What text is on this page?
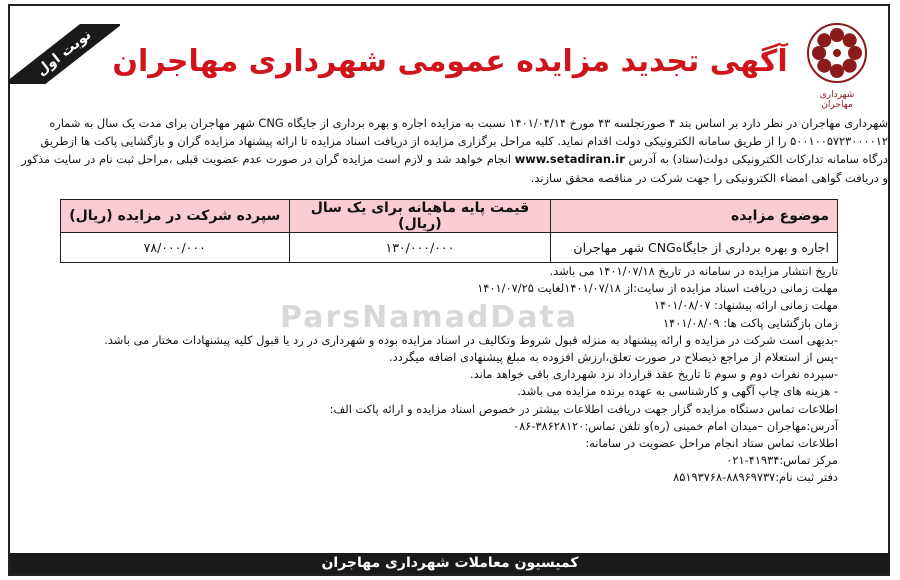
ParsNamadData
نوبت اول
شهرداری مهاجران
آگهی تجدید مزایده عمومی شهرداری مهاجران
شهرداری مهاجران در نظر دارد بر اساس بند ۴ صورتجلسه ۴۳ مورخ ۱۴۰۱/۰۴/۱۴ نسبت به مزایده اجاره و بهره برداری از جایگاه CNG شهر مهاجران برای مدت یک سال به شماره ۵۰۰۱۰۰۵۷۲۳۰۰۰۰۱۲ را از طریق سامانه الکترونیکی دولت اقدام نماید. کلیه مراحل برگزاری مزایده از دریافت اسناد مزایده تا ارائه پیشنهاد مزایده گران و بازگشایی پاکت ها ازطریق درگاه سامانه تدارکات الکترونیکی دولت(ستاد) به آدرس www.setadiran.ir انجام خواهد شد و لازم است مزایده گران در صورت عدم عضویت قبلی ،مراحل ثبت نام در سایت مذکور و دریافت گواهی امضاء الکترونیکی را جهت شرکت در مناقصه محقق سازند.
موضوع مزایده	قیمت پایه ماهیانه برای یک سال (ریال)	سپرده شرکت در مزایده (ریال)
اجاره و بهره برداری از جایگاهCNG شهر مهاجران	۱۳۰/۰۰۰/۰۰۰	۷۸/۰۰۰/۰۰۰
تاریخ انتشار مزایده در سامانه در تاریخ ۱۴۰۱/۰۷/۱۸ می باشد.
مهلت زمانی دریافت اسناد مزایده از سایت:از ۱۴۰۱/۰۷/۱۸لغایت ۱۴۰۱/۰۷/۲۵
مهلت زمانی ارائه پیشنهاد: ۱۴۰۱/۰۸/۰۷
زمان بازگشایی پاکت ها: ۱۴۰۱/۰۸/۰۹
-بدیهی است شرکت در مزایده و ارائه پیشنهاد به منزله قبول شروط وتکالیف در اسناد مزایده بوده و شهرداری در رد یا قبول کلیه پیشنهادات مختار می باشد.
-پس از استعلام از مراجع ذیصلاح در صورت تعلق،ارزش افزوده به مبلغ پیشنهادی اضافه میگردد.
-سپرده نفرات دوم و سوم تا تاریخ عقد قرارداد نزد شهرداری باقی خواهد ماند.
- هزینه های چاپ آگهی و کارشناسی به عهده برنده مزایده می باشد.
اطلاعات تماس دستگاه مزایده گزار جهت دریافت اطلاعات بیشتر در خصوص اسناد مزایده و ارائه پاکت الف:
آدرس:مهاجران –میدان امام خمینی (ره)و تلفن تماس:۳۸۶۲۸۱۲۰-۰۸۶
اطلاعات تماس ستاد انجام مراحل عضویت در سامانه:
مرکز تماس:۴۱۹۳۴-۰۲۱
دفتر ثبت نام:۸۸۹۶۹۷۳۷-۸۵۱۹۳۷۶۸
کمیسیون معاملات شهرداری مهاجران
